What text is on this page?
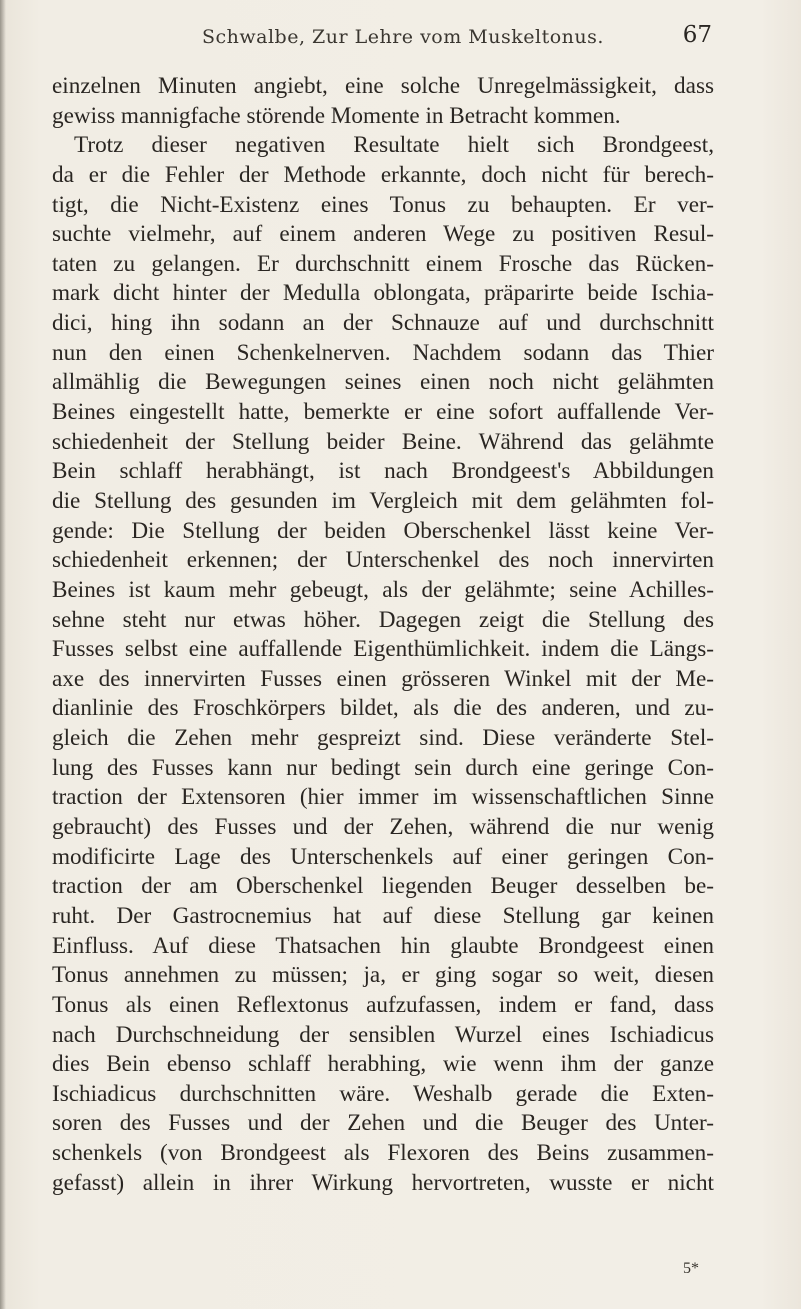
Schwalbe, Zur Lehre vom Muskeltonus.	67
einzelnen Minuten angiebt, eine solche Unregelmässigkeit, dass
gewiss mannigfache störende Momente in Betracht kommen.
Trotz dieser negativen Resultate hielt sich Brondgeest,
da er die Fehler der Methode erkannte, doch nicht für berech-
tigt, die Nicht-Existenz eines Tonus zu behaupten. Er ver-
suchte vielmehr, auf einem anderen Wege zu positiven Resul-
taten zu gelangen. Er durchschnitt einem Frosche das Rücken-
mark dicht hinter der Medulla oblongata, präparirte beide Ischia-
dici, hing ihn sodann an der Schnauze auf und durchschnitt
nun den einen Schenkelnerven. Nachdem sodann das Thier
allmählig die Bewegungen seines einen noch nicht gelähmten
Beines eingestellt hatte, bemerkte er eine sofort auffallende Ver-
schiedenheit der Stellung beider Beine. Während das gelähmte
Bein schlaff herabhängt, ist nach Brondgeest's Abbildungen
die Stellung des gesunden im Vergleich mit dem gelähmten fol-
gende: Die Stellung der beiden Oberschenkel lässt keine Ver-
schiedenheit erkennen; der Unterschenkel des noch innervirten
Beines ist kaum mehr gebeugt, als der gelähmte; seine Achilles-
sehne steht nur etwas höher. Dagegen zeigt die Stellung des
Fusses selbst eine auffallende Eigenthümlichkeit. indem die Längs-
axe des innervirten Fusses einen grösseren Winkel mit der Me-
dianlinie des Froschkörpers bildet, als die des anderen, und zu-
gleich die Zehen mehr gespreizt sind. Diese veränderte Stel-
lung des Fusses kann nur bedingt sein durch eine geringe Con-
traction der Extensoren (hier immer im wissenschaftlichen Sinne
gebraucht) des Fusses und der Zehen, während die nur wenig
modificirte Lage des Unterschenkels auf einer geringen Con-
traction der am Oberschenkel liegenden Beuger desselben be-
ruht. Der Gastrocnemius hat auf diese Stellung gar keinen
Einfluss. Auf diese Thatsachen hin glaubte Brondgeest einen
Tonus annehmen zu müssen; ja, er ging sogar so weit, diesen
Tonus als einen Reflextonus aufzufassen, indem er fand, dass
nach Durchschneidung der sensiblen Wurzel eines Ischiadicus
dies Bein ebenso schlaff herabhing, wie wenn ihm der ganze
Ischiadicus durchschnitten wäre. Weshalb gerade die Exten-
soren des Fusses und der Zehen und die Beuger des Unter-
schenkels (von Brondgeest als Flexoren des Beins zusammen-
gefasst) allein in ihrer Wirkung hervortreten, wusste er nicht
5*
